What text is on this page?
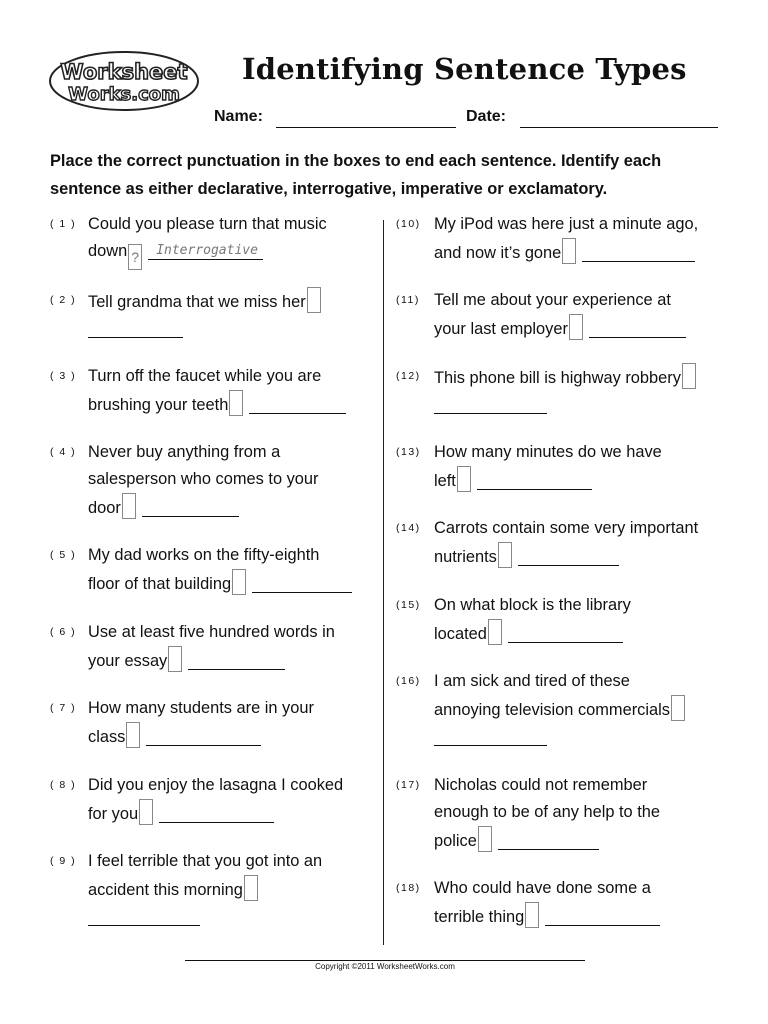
Worksheet
Works.com
Identifying Sentence Types
Name:	Date:
Place the correct punctuation in the boxes to end each sentence. Identify each sentence as either declarative, interrogative, imperative or exclamatory.
( 1 ) Could you please turn that music
down ? Interrogative
( 2 ) Tell grandma that we miss her
( 3 ) Turn off the faucet while you are
brushing your teeth
( 4 ) Never buy anything from a
salesperson who comes to your
door
( 5 ) My dad works on the fifty-eighth
floor of that building
( 6 ) Use at least five hundred words in
your essay
( 7 ) How many students are in your
class
( 8 ) Did you enjoy the lasagna I cooked
for you
( 9 ) I feel terrible that you got into an
accident this morning
(10) My iPod was here just a minute ago,
and now it’s gone
(11) Tell me about your experience at
your last employer
(12) This phone bill is highway robbery
(13) How many minutes do we have
left
(14) Carrots contain some very important
nutrients
(15) On what block is the library
located
(16) I am sick and tired of these
annoying television commercials
(17) Nicholas could not remember
enough to be of any help to the
police
(18) Who could have done some a
terrible thing
Copyright ©2011 WorksheetWorks.com
